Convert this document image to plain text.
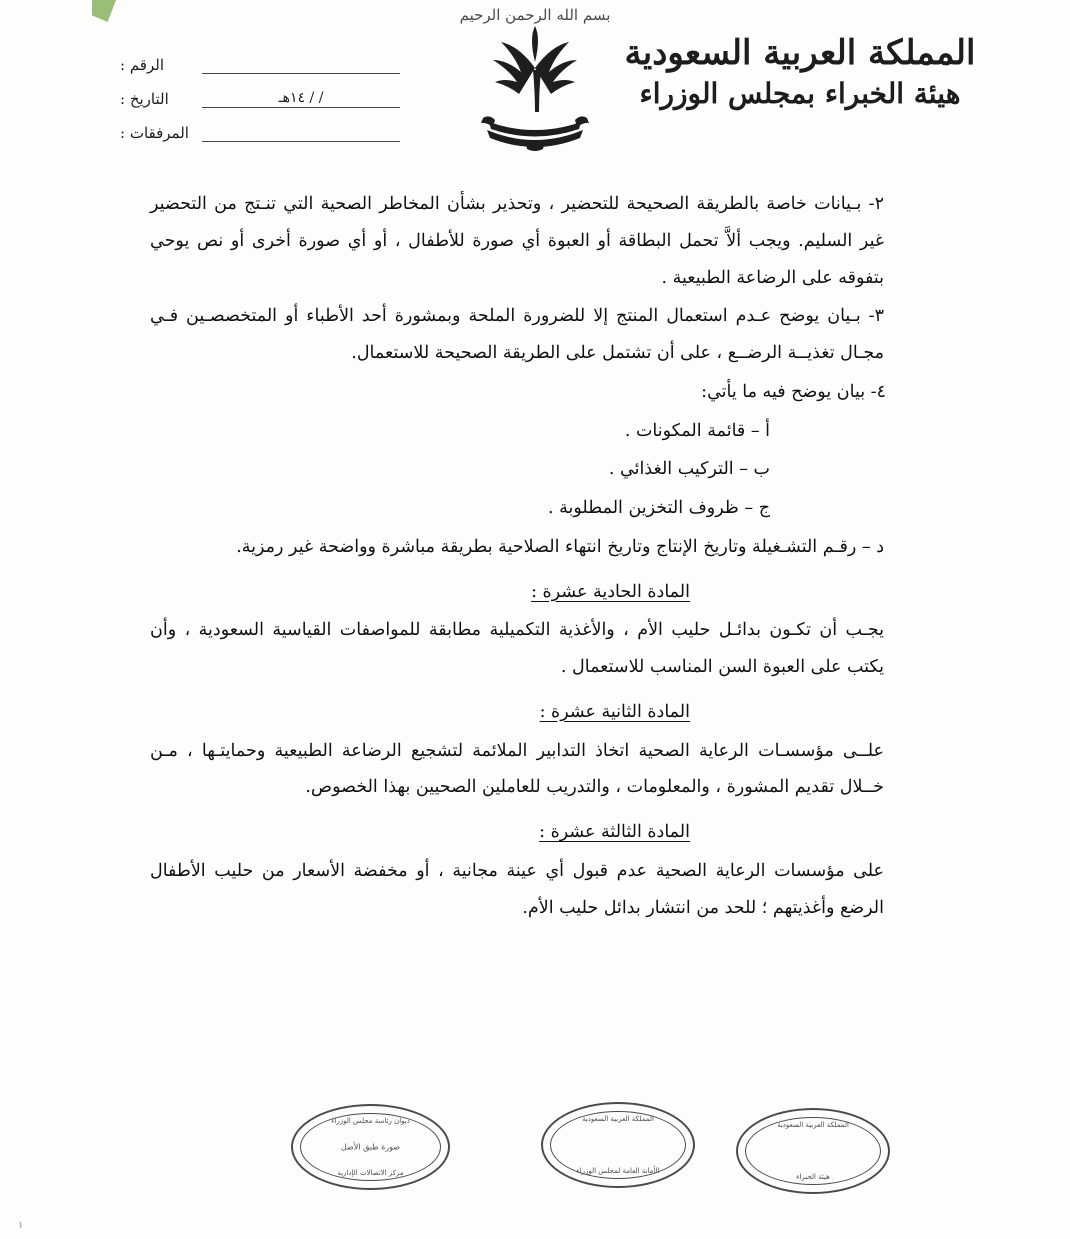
بسم الله الرحمن الرحيم
المملكة العربية السعودية
هيئة الخبراء بمجلس الوزراء
الرقم :
/ / ١٤هـ
التاريخ :
المرفقات :

٢- بـيانات خاصة بالطريقة الصحيحة للتحضير ، وتحذير بشأن المخاطر الصحية التي تنـتج من التحضير غير السليم. ويجب ألاَّ تحمل البطاقة أو العبوة أي صورة للأطفال ، أو أي صورة أخرى أو نص يوحي بتفوقه على الرضاعة الطبيعية .

٣- بـيان يوضح عـدم استعمال المنتج إلا للضرورة الملحة وبمشورة أحد الأطباء أو المتخصصـين فـي مجـال تغذيــة الرضــع ، على أن تشتمل على الطريقة الصحيحة للاستعمال.

٤- بيان يوضح فيه ما يأتي:

أ – قائمة المكونات .

ب – التركيب الغذائي .

ج – ظروف التخزين المطلوبة .

د – رقـم التشـغيلة وتاريخ الإنتاج وتاريخ انتهاء الصلاحية بطريقة مباشرة وواضحة غير رمزية.

المادة الحادية عشرة :

يجـب أن تكـون بدائـل حليب الأم ، والأغذية التكميلية مطابقة للمواصفات القياسية السعودية ، وأن يكتب على العبوة السن المناسب للاستعمال .

المادة الثانية عشرة :

علــى مؤسسـات الرعاية الصحية اتخاذ التدابير الملائمة لتشجيع الرضاعة الطبيعية وحمايتـها ، مـن خــلال تقديم المشورة ، والمعلومات ، والتدريب للعاملين الصحيين بهذا الخصوص.

المادة الثالثة عشرة :

على مؤسسات الرعاية الصحية عدم قبول أي عينة مجانية ، أو مخفضة الأسعار من حليب الأطفال الرضع وأغذيتهم ؛ للحد من انتشار بدائل حليب الأم.

المملكة العربية السعودية
هيئة الخبراء
المملكة العربية السعودية
الأمانة العامة لمجلس الوزراء
ديوان رئاسة مجلس الوزراء
صورة طبق الأصل
مركز الاتصالات الإدارية
١
